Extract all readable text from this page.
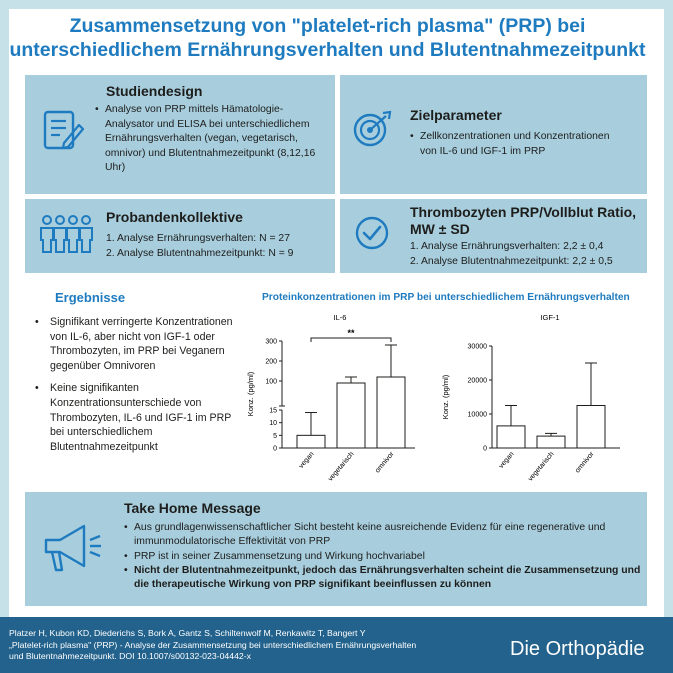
Zusammensetzung von "platelet-rich plasma" (PRP) bei
unterschiedlichem Ernährungsverhalten und Blutentnahmezeitpunkt
Studiendesign
• Analyse von PRP mittels Hämatologie-Analysator und ELISA bei unterschiedlichem Ernährungsverhalten (vegan, vegetarisch, omnivor) und Blutentnahmezeitpunkt (8,12,16 Uhr)
Zielparameter
• Zellkonzentrationen und Konzentrationen von IL-6 und IGF-1 im PRP
Probandenkollektive
1. Analyse Ernährungsverhalten: N = 27
2. Analyse Blutentnahmezeitpunkt: N = 9
Thrombozyten PRP/Vollblut Ratio,
MW ± SD
1. Analyse Ernährungsverhalten: 2,2 ± 0,4
2. Analyse Blutentnahmezeitpunkt: 2,2 ± 0,5
Ergebnisse
• Signifikant verringerte Konzentrationen von IL-6, aber nicht von IGF-1 oder Thrombozyten, im PRP bei Veganern gegenüber Omnivoren
• Keine signifikanten Konzentrationsunterschiede von Thrombozyten, IL-6 und IGF-1 im PRP bei unterschiedlichem Blutentnahmezeitpunkt
Proteinkonzentrationen im PRP bei unterschiedlichem Ernährungsverhalten
IL-6
Konz. (pg/ml)
0
5
10
15
100
200
300
vegan vegetarisch	omnivor
**
IGF-1
Konz. (pg/ml)
0
10000
20000
30000
vegan vegetarisch	omnivor
Take Home Message
• Aus grundlagenwissenschaftlicher Sicht besteht keine ausreichende Evidenz für eine regenerative und immunmodulatorische Effektivität von PRP
• PRP ist in seiner Zusammensetzung und Wirkung hochvariabel
• Nicht der Blutentnahmezeitpunkt, jedoch das Ernährungsverhalten scheint die Zusammensetzung und die therapeutische Wirkung von PRP signifikant beeinflussen zu können
Platzer H, Kubon KD, Diederichs S, Bork A, Gantz S, Schiltenwolf M, Renkawitz T, Bangert Y
„Platelet-rich plasma" (PRP) - Analyse der Zusammensetzung bei unterschiedlichem Ernährungsverhalten
und Blutentnahmezeitpunkt. DOI 10.1007/s00132-023-04442-x	Die Orthopädie
